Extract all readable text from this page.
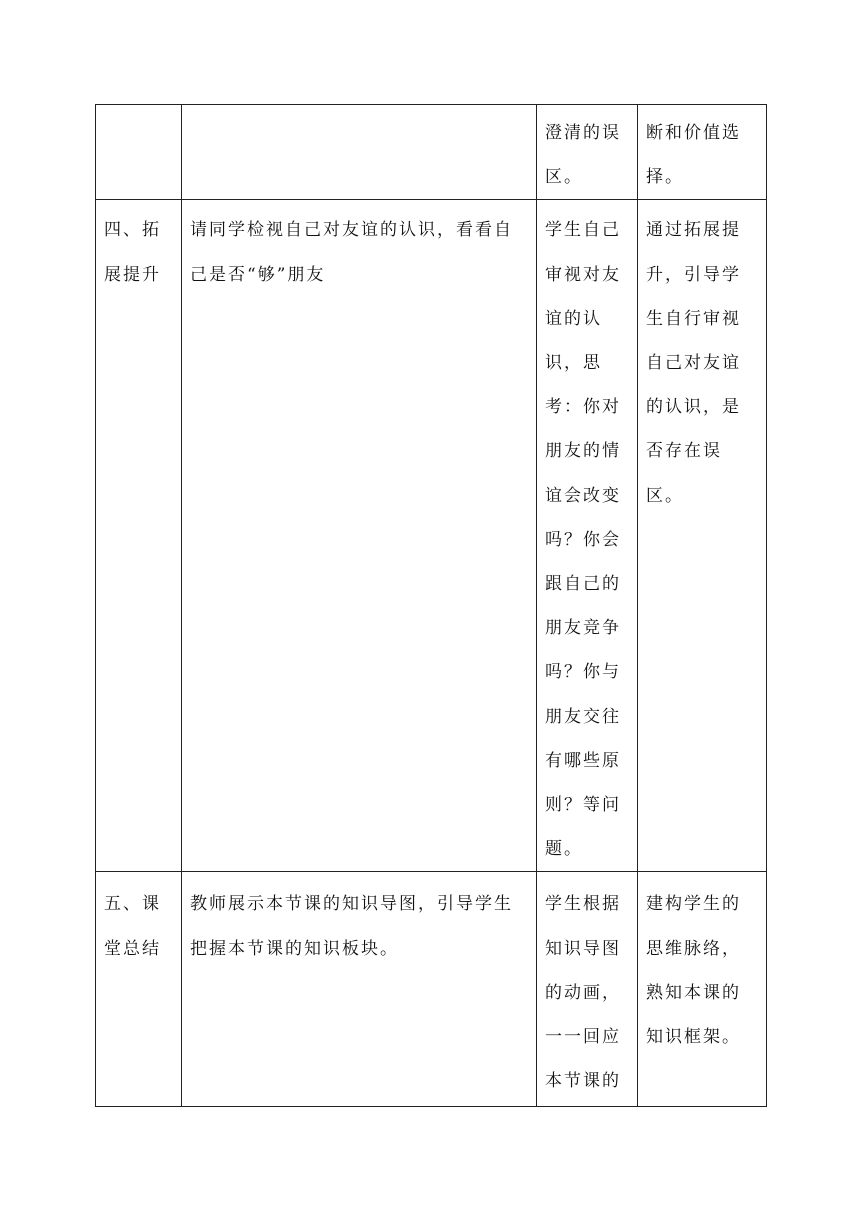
		澄清的误区。	断和价值选择。
四、拓展提升	请同学检视自己对友谊的认识，看看自己是否“够”朋友	学生自己审视对友谊的认识，思考：你对朋友的情谊会改变吗？你会跟自己的朋友竞争吗？你与朋友交往有哪些原则？等问题。	通过拓展提升，引导学生自行审视自己对友谊的认识，是否存在误区。
五、课堂总结	教师展示本节课的知识导图，引导学生把握本节课的知识板块。	学生根据知识导图的动画，一一回应本节课的	建构学生的思维脉络，熟知本课的知识框架。
